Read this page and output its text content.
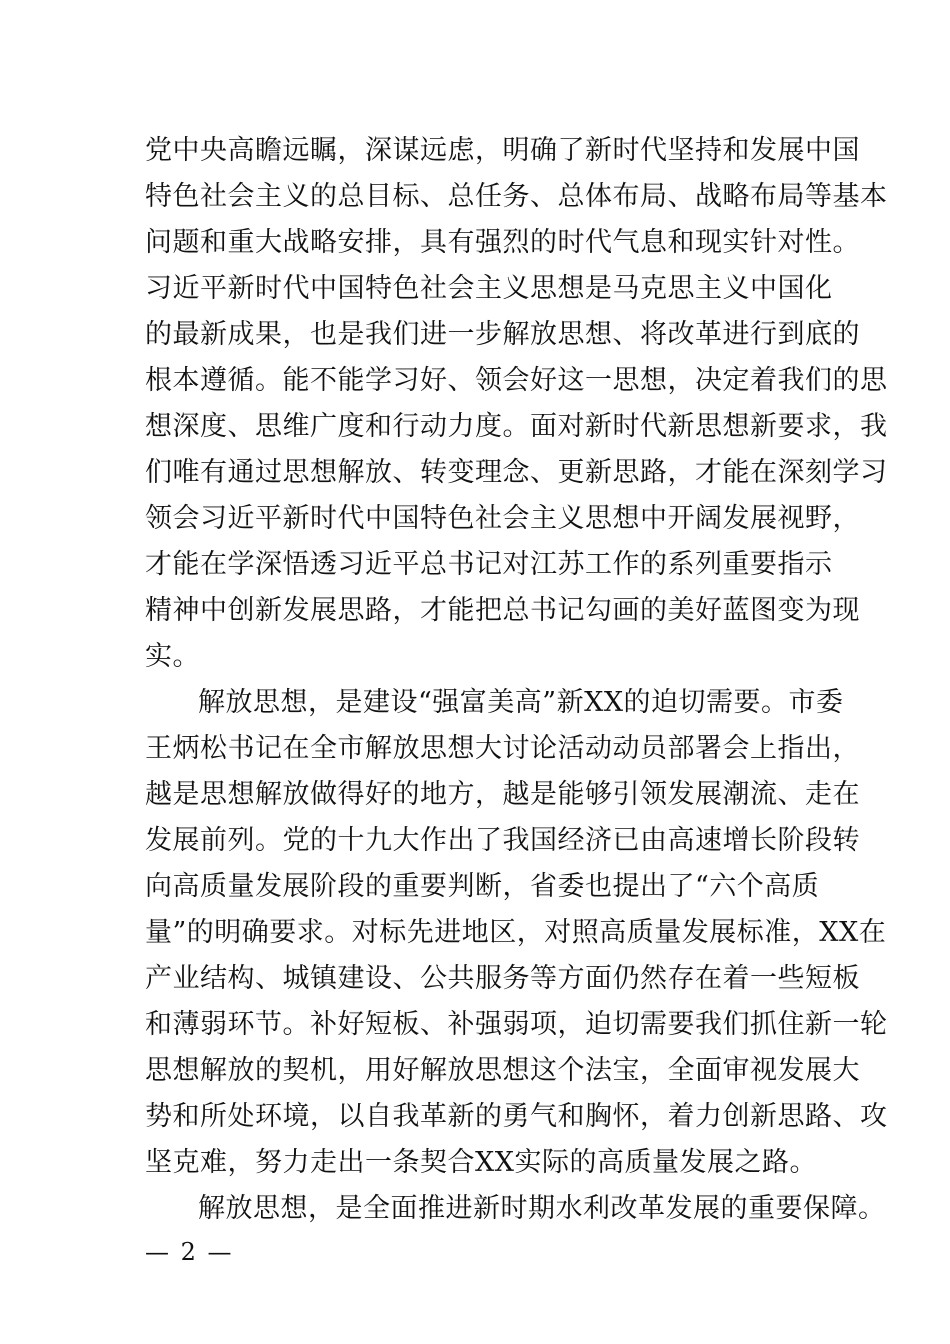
党中央高瞻远瞩，深谋远虑，明确了新时代坚持和发展中国
特色社会主义的总目标、总任务、总体布局、战略布局等基本
问题和重大战略安排，具有强烈的时代气息和现实针对性。
习近平新时代中国特色社会主义思想是马克思主义中国化
的最新成果，也是我们进一步解放思想、将改革进行到底的
根本遵循。能不能学习好、领会好这一思想，决定着我们的思
想深度、思维广度和行动力度。面对新时代新思想新要求，我
们唯有通过思想解放、转变理念、更新思路，才能在深刻学习
领会习近平新时代中国特色社会主义思想中开阔发展视野，
才能在学深悟透习近平总书记对江苏工作的系列重要指示
精神中创新发展思路，才能把总书记勾画的美好蓝图变为现
实。
解放思想，是建设“强富美高”新XX的迫切需要。市委
王炳松书记在全市解放思想大讨论活动动员部署会上指出，
越是思想解放做得好的地方，越是能够引领发展潮流、走在
发展前列。党的十九大作出了我国经济已由高速增长阶段转
向高质量发展阶段的重要判断，省委也提出了“六个高质
量”的明确要求。对标先进地区，对照高质量发展标准，XX在
产业结构、城镇建设、公共服务等方面仍然存在着一些短板
和薄弱环节。补好短板、补强弱项，迫切需要我们抓住新一轮
思想解放的契机，用好解放思想这个法宝，全面审视发展大
势和所处环境，以自我革新的勇气和胸怀，着力创新思路、攻
坚克难，努力走出一条契合XX实际的高质量发展之路。
解放思想，是全面推进新时期水利改革发展的重要保障。
— 2 —
